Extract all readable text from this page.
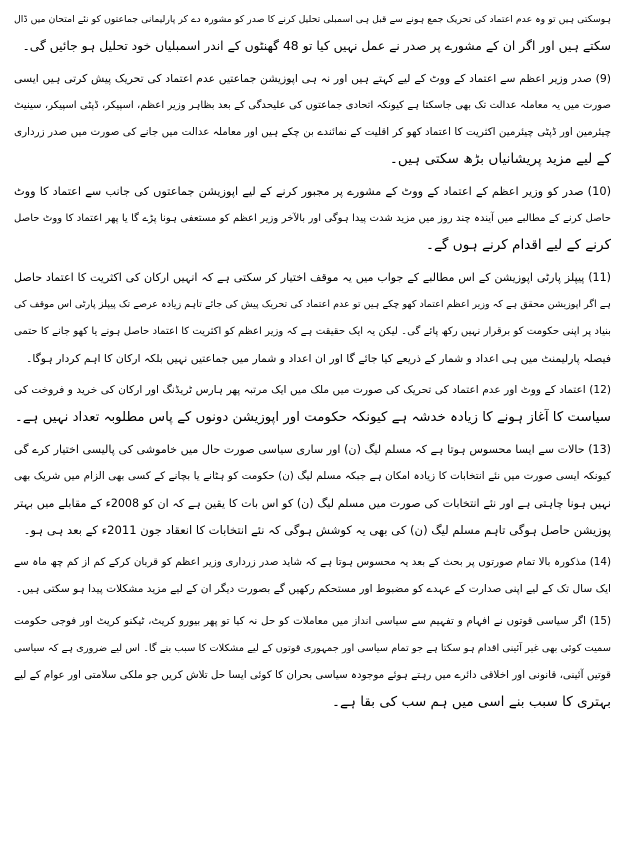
ہوسکتی ہیں تو وہ عدم اعتماد کی تحریک جمع ہونے سے قبل ہی اسمبلی تحلیل کرنے کا صدر کو مشورہ دے کر پارلیمانی جماعتوں کو نئے امتحان میں ڈال
سکتے ہیں اور اگر ان کے مشورے پر صدر نے عمل نہیں کیا تو 48 گھنٹوں کے اندر اسمبلیاں خود تحلیل ہو جائیں گی۔
(9) صدر وزیر اعظم سے اعتماد کے ووٹ کے لیے کہتے ہیں اور نہ ہی اپوزیشن جماعتیں عدم اعتماد کی تحریک پیش کرتی ہیں ایسی
صورت میں یہ معاملہ عدالت تک بھی جاسکتا ہے کیونکہ اتحادی جماعتوں کی علیحدگی کے بعد بظاہر وزیر اعظم، اسپیکر، ڈپٹی اسپیکر، سینیٹ
چیئرمین اور ڈپٹی چیئرمین اکثریت کا اعتماد کھو کر اقلیت کے نمائندے بن چکے ہیں اور معاملہ عدالت میں جانے کی صورت میں صدر زرداری
کے لیے مزید پریشانیاں بڑھ سکتی ہیں۔
(10) صدر کو وزیر اعظم کے اعتماد کے ووٹ کے مشورے پر مجبور کرنے کے لیے اپوزیشن جماعتوں کی جانب سے اعتماد کا ووٹ
حاصل کرنے کے مطالبے میں آیندہ چند روز میں مزید شدت پیدا ہوگی اور بالآخر وزیر اعظم کو مستعفی ہونا پڑے گا یا پھر اعتماد کا ووٹ حاصل
کرنے کے لیے اقدام کرنے ہوں گے۔
(11) پیپلز پارٹی اپوزیشن کے اس مطالبے کے جواب میں یہ موقف اختیار کر سکتی ہے کہ انہیں ارکان کی اکثریت کا اعتماد حاصل
ہے اگر اپوزیشن محقق ہے کہ وزیر اعظم اعتماد کھو چکے ہیں تو عدم اعتماد کی تحریک پیش کی جائے تاہم زیادہ عرصے تک پیپلز پارٹی اس موقف کی
بنیاد پر اپنی حکومت کو برقرار نہیں رکھ پائے گی۔ لیکن یہ ایک حقیقت ہے کہ وزیر اعظم کو اکثریت کا اعتماد حاصل ہونے یا کھو جانے کا حتمی
فیصلہ پارلیمنٹ میں ہی اعداد و شمار کے ذریعے کیا جائے گا اور ان اعداد و شمار میں جماعتیں نہیں بلکہ ارکان کا اہم کردار ہوگا۔
(12) اعتماد کے ووٹ اور عدم اعتماد کی تحریک کی صورت میں ملک میں ایک مرتبہ پھر ہارس ٹریڈنگ اور ارکان کی خرید و فروخت کی
سیاست کا آغاز ہونے کا زیادہ خدشہ ہے کیونکہ حکومت اور اپوزیشن دونوں کے پاس مطلوبہ تعداد نہیں ہے۔
(13) حالات سے ایسا محسوس ہوتا ہے کہ مسلم لیگ (ن) اور ساری سیاسی صورت حال میں خاموشی کی پالیسی اختیار کرے گی
کیونکہ ایسی صورت میں نئے انتخابات کا زیادہ امکان ہے جبکہ مسلم لیگ (ن) حکومت کو ہٹانے یا بچانے کے کسی بھی الزام میں شریک بھی
نہیں ہونا چاہتی ہے اور نئے انتخابات کی صورت میں مسلم لیگ (ن) کو اس بات کا یقین ہے کہ ان کو 2008ء کے مقابلے میں بہتر
پوزیشن حاصل ہوگی تاہم مسلم لیگ (ن) کی بھی یہ کوشش ہوگی کہ نئے انتخابات کا انعقاد جون 2011ء کے بعد ہی ہو۔
(14) مذکورہ بالا تمام صورتوں پر بحث کے بعد یہ محسوس ہوتا ہے کہ شاید صدر زرداری وزیر اعظم کو قربان کرکے کم از کم چھ ماہ سے
ایک سال تک کے لیے اپنی صدارت کے عہدے کو مضبوط اور مستحکم رکھیں گے بصورت دیگر ان کے لیے مزید مشکلات پیدا ہو سکتی ہیں۔
(15) اگر سیاسی قوتوں نے افہام و تفہیم سے سیاسی انداز میں معاملات کو حل نہ کیا تو پھر بیورو کریٹ، ٹیکنو کریٹ اور فوجی حکومت
سمیت کوئی بھی غیر آئینی اقدام ہو سکتا ہے جو تمام سیاسی اور جمہوری قوتوں کے لیے مشکلات کا سبب بنے گا۔ اس لیے ضروری ہے کہ سیاسی
قوتیں آئینی، قانونی اور اخلاقی دائرے میں رہتے ہوئے موجودہ سیاسی بحران کا کوئی ایسا حل تلاش کریں جو ملکی سلامتی اور عوام کے لیے
بہتری کا سبب بنے اسی میں ہم سب کی بقا ہے۔
